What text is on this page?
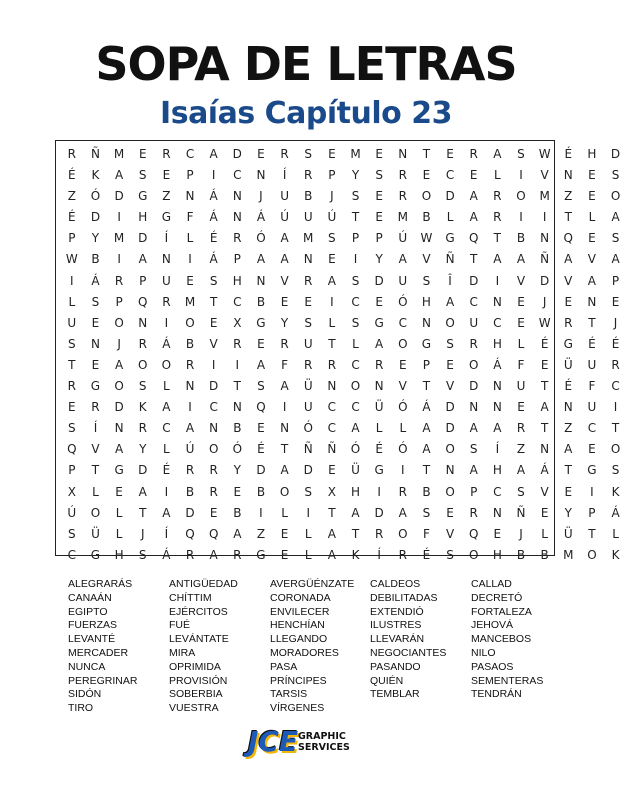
SOPA DE LETRAS
Isaías Capítulo 23
R Ñ M E R C A D E R S E M E N T E R A S W É H D
É K A S E P I C N Í R P Y S R E C E L I V N E S
Z Ó D G Z N Á N J U B J S E R O D A R O M Z E O
É D I H G F Á N Á Ú U Ú T E M B L A R I I T L A
P Y M D Í L É R Ó A M S P P Ú W G Q T B N Q E S
W B I A N I Á P A A N E I Y A V Ñ T A A Ñ A V A
I Á R P U E S H N V R A S D U S Î D I V D V A P
L S P Q R M T C B E E I C E Ó H A C N E J E N E
U E O N I O E X G Y S L S G C N O U C E W R T J
S N J R Á B V R E R U T L A O G S R H L É G É É
T E A O O R I I A F R R C R E P E O Á F E Ü U R
R G O S L N D T S A Ü N O N V T V D N U T É F C
E R D K A I C N Q I U C C Ü Ó Á D N N E A N U I
S Í N R C A N B E N Ó C A L L A D A A R T Z C T
Q V A Y L Ú O Ó É T Ñ Ñ Ó É Ó A O S Í Z N A E O
P T G D É R R Y D A D E Ü G I T N A H A Á T G S
X L E A I B R E B O S X H I R B O P C S V E I K
Ú O L T A D E B I L I T A D A S E R N Ñ E Y P Á
S Ü L J Í Q Q A Z E L A T R O F V Q E J L Ü T L
C G H S Á R A R G E L A K Í R É S O H B B M O K
ALEGRARÁS
CANAÁN
EGIPTO
FUERZAS
LEVANTÉ
MERCADER
NUNCA
PEREGRINAR
SIDÓN
TIRO
ANTIGÜEDAD
CHÍTTIM
EJÉRCITOS
FUÉ
LEVÁNTATE
MIRA
OPRIMIDA
PROVISIÓN
SOBERBIA
VUESTRA
AVERGÜÉNZATE
CORONADA
ENVILECER
HENCHÍAN
LLEGANDO
MORADORES
PASA
PRÍNCIPES
TARSIS
VÍRGENES
CALDEOS
DEBILITADAS
EXTENDIÓ
ILUSTRES
LLEVARÁN
NEGOCIANTES
PASANDO
QUIÉN
TEMBLAR
CALLAD
DECRETÓ
FORTALEZA
JEHOVÁ
MANCEBOS
NILO
PASAOS
SEMENTERAS
TENDRÁN
JCE GRAPHIC
SERVICES
